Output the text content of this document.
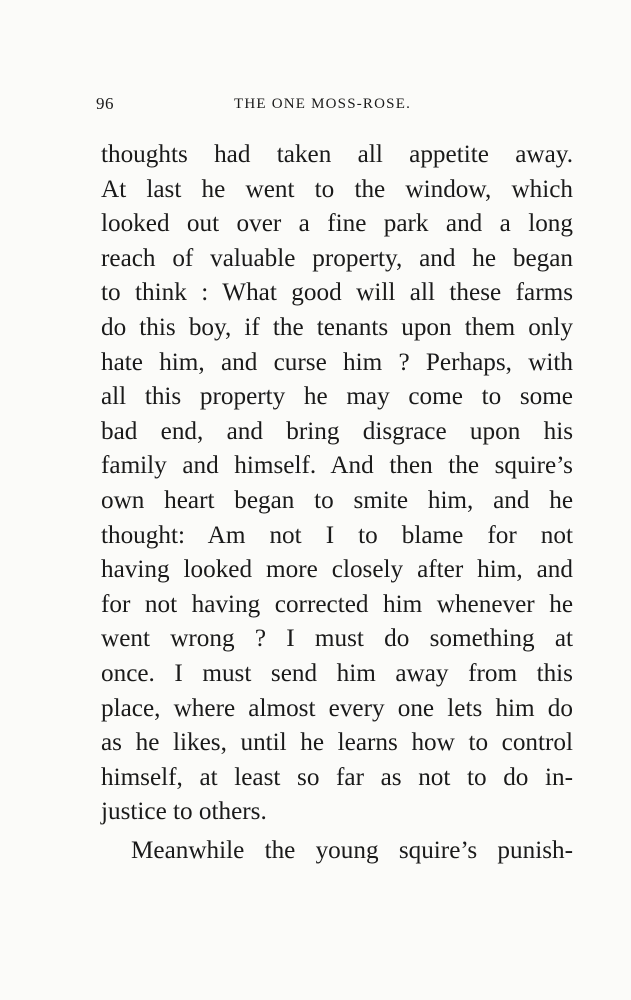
96	THE ONE MOSS-ROSE.
thoughts had taken all appetite away.
At last he went to the window, which
looked out over a fine park and a long
reach of valuable property, and he began
to think : What good will all these farms
do this boy, if the tenants upon them only
hate him, and curse him ? Perhaps, with
all this property he may come to some
bad end, and bring disgrace upon his
family and himself. And then the squire’s
own heart began to smite him, and he
thought: Am not I to blame for not
having looked more closely after him, and
for not having corrected him whenever he
went wrong ? I must do something at
once. I must send him away from this
place, where almost every one lets him do
as he likes, until he learns how to control
himself, at least so far as not to do in-
justice to others.
Meanwhile the young squire’s punish-
